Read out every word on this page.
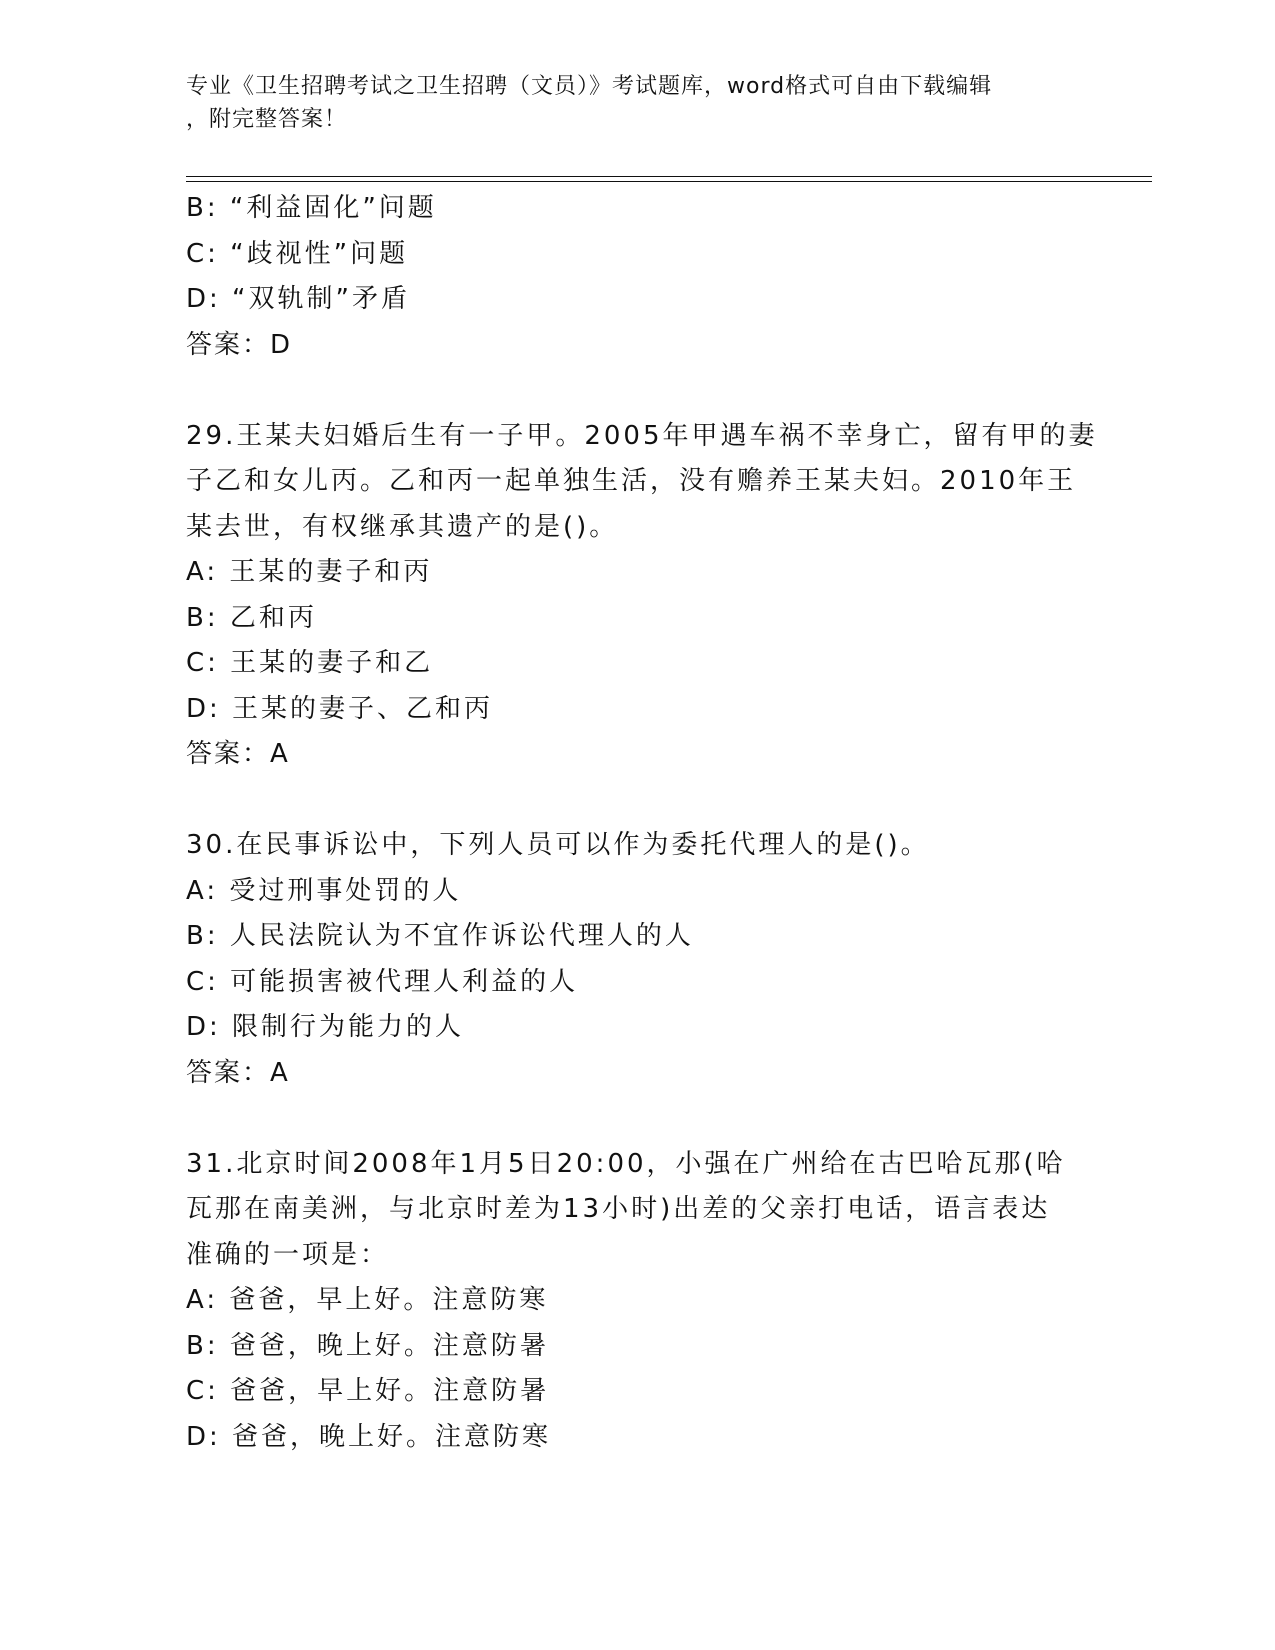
专业《卫生招聘考试之卫生招聘（文员）》考试题库，word格式可自由下载编辑
，附完整答案！
B: “利益固化”问题
C: “歧视性”问题
D: “双轨制”矛盾
答案：D
29.王某夫妇婚后生有一子甲。2005年甲遇车祸不幸身亡，留有甲的妻
子乙和女儿丙。乙和丙一起单独生活，没有赡养王某夫妇。2010年王
某去世，有权继承其遗产的是()。
A: 王某的妻子和丙
B: 乙和丙
C: 王某的妻子和乙
D: 王某的妻子、乙和丙
答案：A
30.在民事诉讼中，下列人员可以作为委托代理人的是()。
A: 受过刑事处罚的人
B: 人民法院认为不宜作诉讼代理人的人
C: 可能损害被代理人利益的人
D: 限制行为能力的人
答案：A
31.北京时间2008年1月5日20:00，小强在广州给在古巴哈瓦那(哈
瓦那在南美洲，与北京时差为13小时)出差的父亲打电话，语言表达
准确的一项是：
A: 爸爸，早上好。注意防寒
B: 爸爸，晚上好。注意防暑
C: 爸爸，早上好。注意防暑
D: 爸爸，晚上好。注意防寒
